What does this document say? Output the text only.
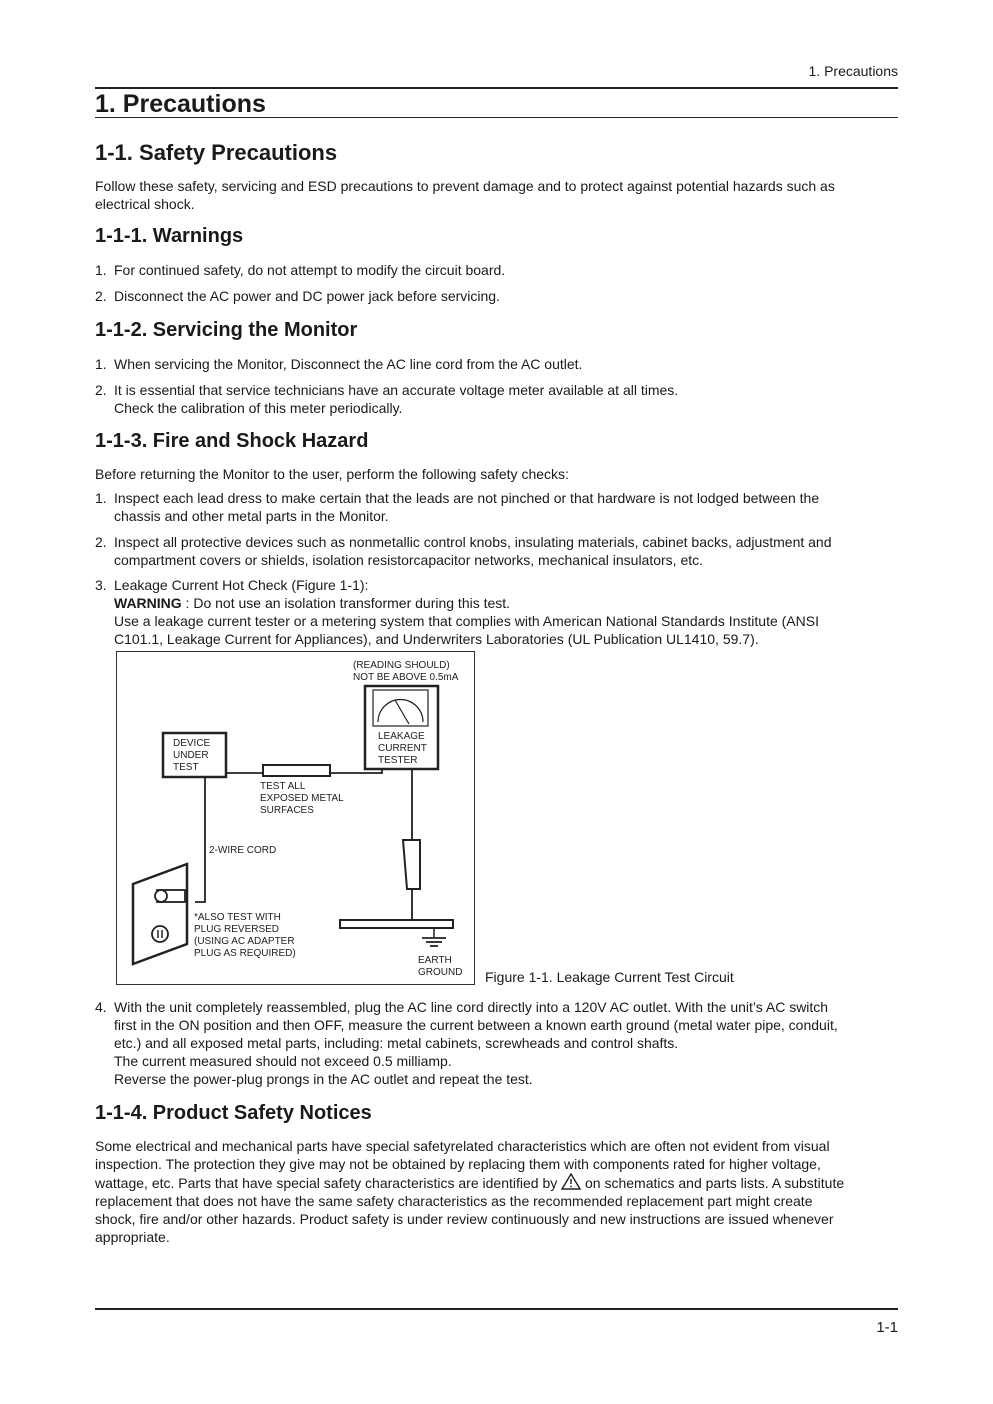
1. Precautions
1. Precautions
1-1. Safety Precautions

Follow these safety, servicing and ESD precautions to prevent damage and to protect against potential hazards such as
electrical shock.

1-1-1. Warnings
1. For continued safety, do not attempt to modify the circuit board.
2. Disconnect the AC power and DC power jack before servicing.
1-1-2. Servicing the Monitor
1. When servicing the Monitor, Disconnect the AC line cord from the AC outlet.
2. It is essential that service technicians have an accurate voltage meter available at all times.
Check the calibration of this meter periodically.
1-1-3. Fire and Shock Hazard

Before returning the Monitor to the user, perform the following safety checks:

1. Inspect each lead dress to make certain that the leads are not pinched or that hardware is not lodged between the
chassis and other metal parts in the Monitor.
2. Inspect all protective devices such as nonmetallic control knobs, insulating materials, cabinet backs, adjustment and
compartment covers or shields, isolation resistorcapacitor networks, mechanical insulators, etc.
3. Leakage Current Hot Check (Figure 1-1):
WARNING : Do not use an isolation transformer during this test.
Use a leakage current tester or a metering system that complies with American National Standards Institute (ANSI
C101.1, Leakage Current for Appliances), and Underwriters Laboratories (UL Publication UL1410, 59.7).
(READING SHOULD)
NOT BE ABOVE 0.5mA
LEAKAGE
CURRENT
TESTER
DEVICE
UNDER
TEST
TEST ALL
EXPOSED METAL
SURFACES
2-WIRE CORD
*ALSO TEST WITH
PLUG REVERSED
(USING AC ADAPTER
PLUG AS REQUIRED)
EARTH
GROUND Figure 1-1. Leakage Current Test Circuit
4. With the unit completely reassembled, plug the AC line cord directly into a 120V AC outlet. With the unit’s AC switch
first in the ON position and then OFF, measure the current between a known earth ground (metal water pipe, conduit,
etc.) and all exposed metal parts, including: metal cabinets, screwheads and control shafts.
The current measured should not exceed 0.5 milliamp.
Reverse the power-plug prongs in the AC outlet and repeat the test.
1-1-4. Product Safety Notices

Some electrical and mechanical parts have special safetyrelated characteristics which are often not evident from visual
inspection. The protection they give may not be obtained by replacing them with components rated for higher voltage,
wattage, etc. Parts that have special safety characteristics are identified by  on schematics and parts lists. A substitute
replacement that does not have the same safety characteristics as the recommended replacement part might create
shock, fire and/or other hazards. Product safety is under review continuously and new instructions are issued whenever
appropriate.

1-1
